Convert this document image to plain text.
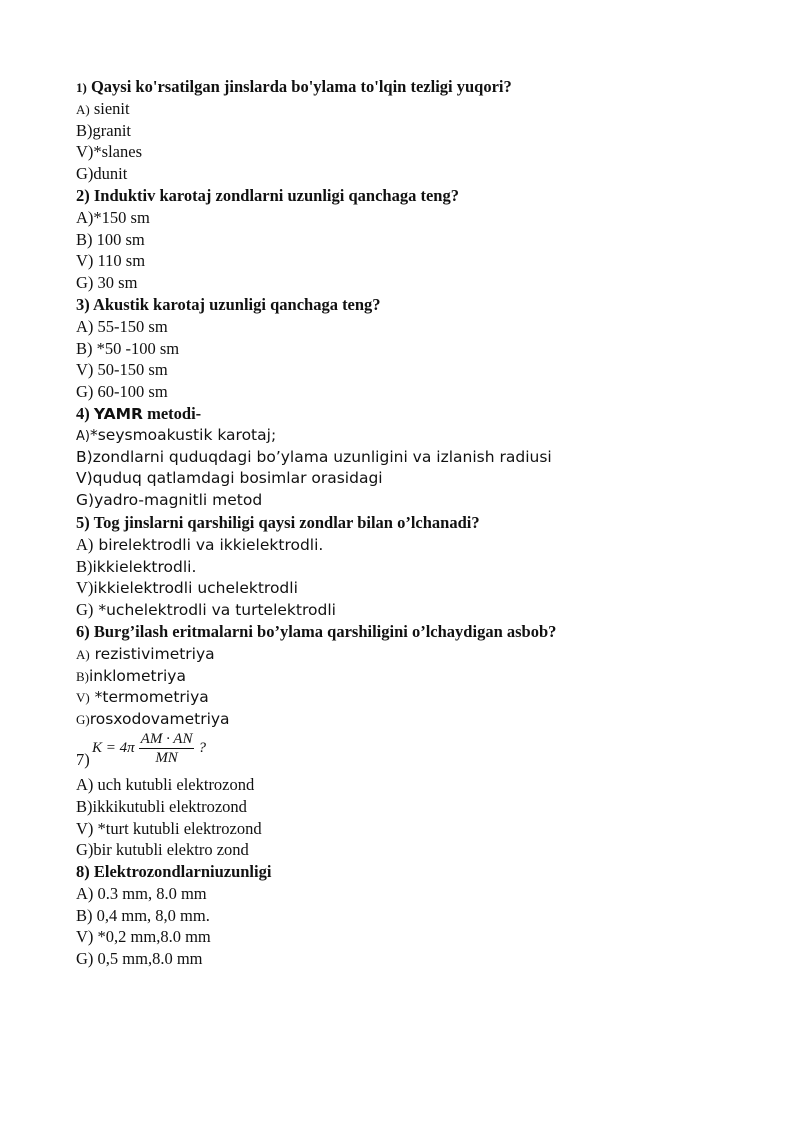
1) Qaysi ko'rsatilgan jinslarda bo'ylama to'lqin tezligi yuqori?
A) sienit
B)granit
V)*slanes
G)dunit
2) Induktiv karotaj zondlarni uzunligi qanchaga teng?
A)*150 sm
B) 100 sm
V) 110 sm
G) 30 sm
3) Akustik karotaj uzunligi qanchaga teng?
A) 55-150 sm
B) *50 -100 sm
V) 50-150 sm
G) 60-100 sm
4) YAMR metodi-
A)*seysmoakustik karotaj;
B)zondlarni quduqdagi bo’ylama uzunligini va izlanish radiusi
V)quduq qatlamdagi bosimlar orasidagi
G)yadro-magnitli metod
5) Tog jinslarni qarshiligi qaysi zondlar bilan o’lchanadi?
A) birelektrodli va ikkielektrodli.
B)ikkielektrodli.
V)ikkielektrodli uchelektrodli
G) *uchelektrodli va turtelektrodli
6) Burg’ilash eritmalarni bo’ylama qarshiligini o’lchaydigan asbob?
A) rezistivimetriya
B)inklometriya
V) *termometriya
G)rosxodovametriya
7)
$K = 4\pi \frac{AM \cdot AN}{MN}$ ?
A) uch kutubli elektrozond
B)ikkikutubli elektrozond
V) *turt kutubli elektrozond
G)bir kutubli elektro zond
8) Elektrozondlarniuzunligi
A) 0.3 mm, 8.0 mm
B) 0,4 mm, 8,0 mm.
V) *0,2 mm,8.0 mm
G) 0,5 mm,8.0 mm
